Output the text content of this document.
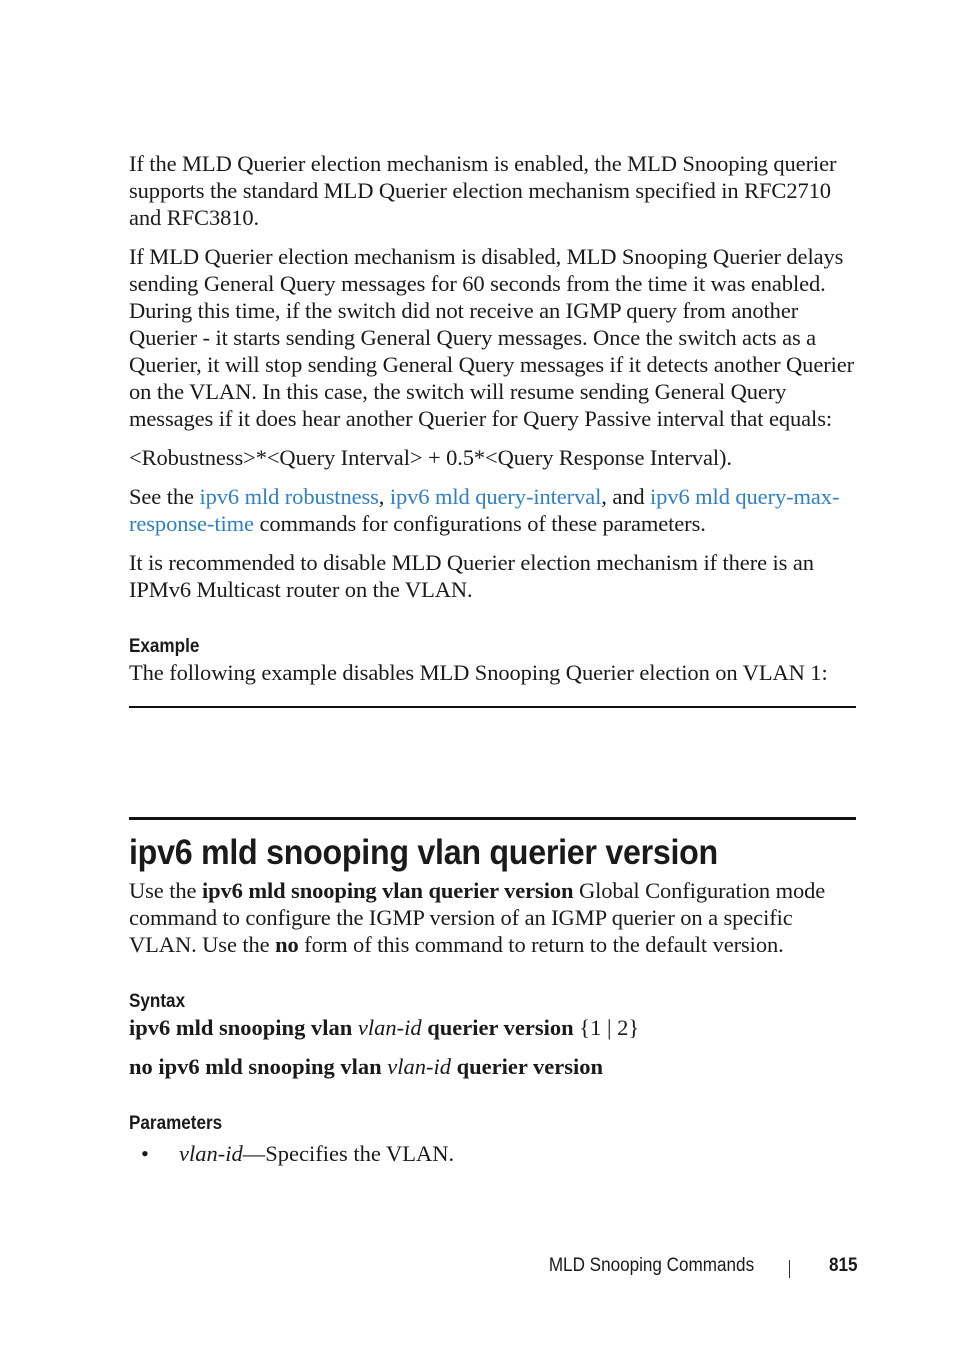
If the MLD Querier election mechanism is enabled, the MLD Snooping querier supports the standard MLD Querier election mechanism specified in RFC2710 and RFC3810.

If MLD Querier election mechanism is disabled, MLD Snooping Querier delays sending General Query messages for 60 seconds from the time it was enabled. During this time, if the switch did not receive an IGMP query from another Querier - it starts sending General Query messages. Once the switch acts as a Querier, it will stop sending General Query messages if it detects another Querier on the VLAN. In this case, the switch will resume sending General Query messages if it does hear another Querier for Query Passive interval that equals:

<Robustness>*<Query Interval> + 0.5*<Query Response Interval).

See the ipv6 mld robustness, ipv6 mld query-interval, and ipv6 mld query-max-response-time commands for configurations of these parameters.

It is recommended to disable MLD Querier election mechanism if there is an IPMv6 Multicast router on the VLAN.

Example

The following example disables MLD Snooping Querier election on VLAN 1:

ipv6 mld snooping vlan querier version

Use the ipv6 mld snooping vlan querier version Global Configuration mode command to configure the IGMP version of an IGMP querier on a specific VLAN. Use the no form of this command to return to the default version.

Syntax

ipv6 mld snooping vlan vlan-id querier version {1 | 2}

no ipv6 mld snooping vlan vlan-id querier version

Parameters
• vlan-id—Specifies the VLAN.
MLD Snooping Commands	815
